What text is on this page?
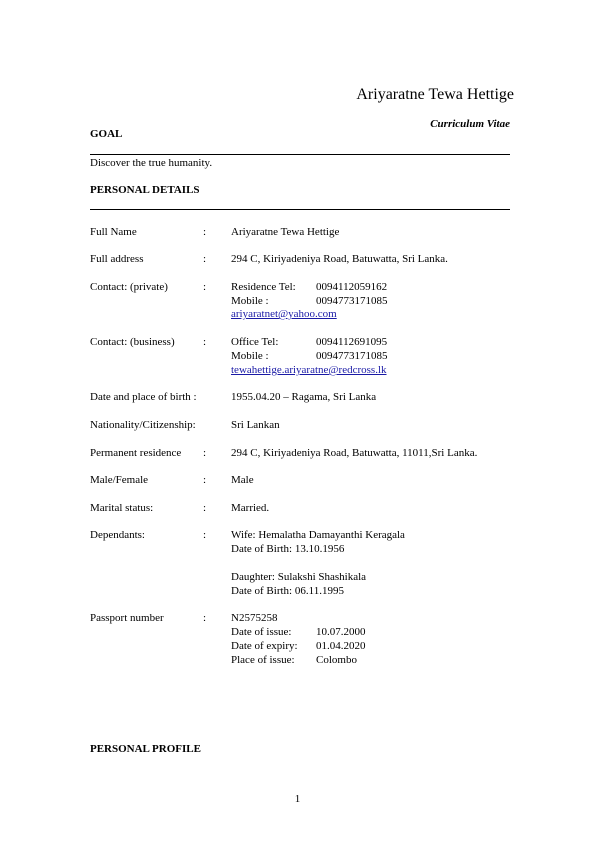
Ariyaratne Tewa Hettige
Curriculum Vitae
GOAL
Discover the true humanity.
PERSONAL DETAILS
Full Name	: Ariyaratne Tewa Hettige
Full address	: 294 C, Kiriyadeniya Road, Batuwatta, Sri Lanka.
Contact: (private)	: Residence Tel: 0094112059162
Mobile :	0094773171085
ariyaratnet@yahoo.com
Contact: (business)	: Office Tel:	0094112691095
Mobile :	0094773171085
tewahettige.ariyaratne@redcross.lk
Date and place of birth :	1955.04.20 – Ragama, Sri Lanka
Nationality/Citizenship:	Sri Lankan
Permanent residence : 294 C, Kiriyadeniya Road, Batuwatta, 11011,Sri Lanka.
Male/Female	: Male
Marital status:	: Married.
Dependants:	: Wife: Hemalatha Damayanthi Keragala
Date of Birth: 13.10.1956
Daughter: Sulakshi Shashikala
Date of Birth: 06.11.1995
Passport number	: N2575258
Date of issue: 10.07.2000
Date of expiry: 01.04.2020
Place of issue: Colombo
PERSONAL PROFILE
1
